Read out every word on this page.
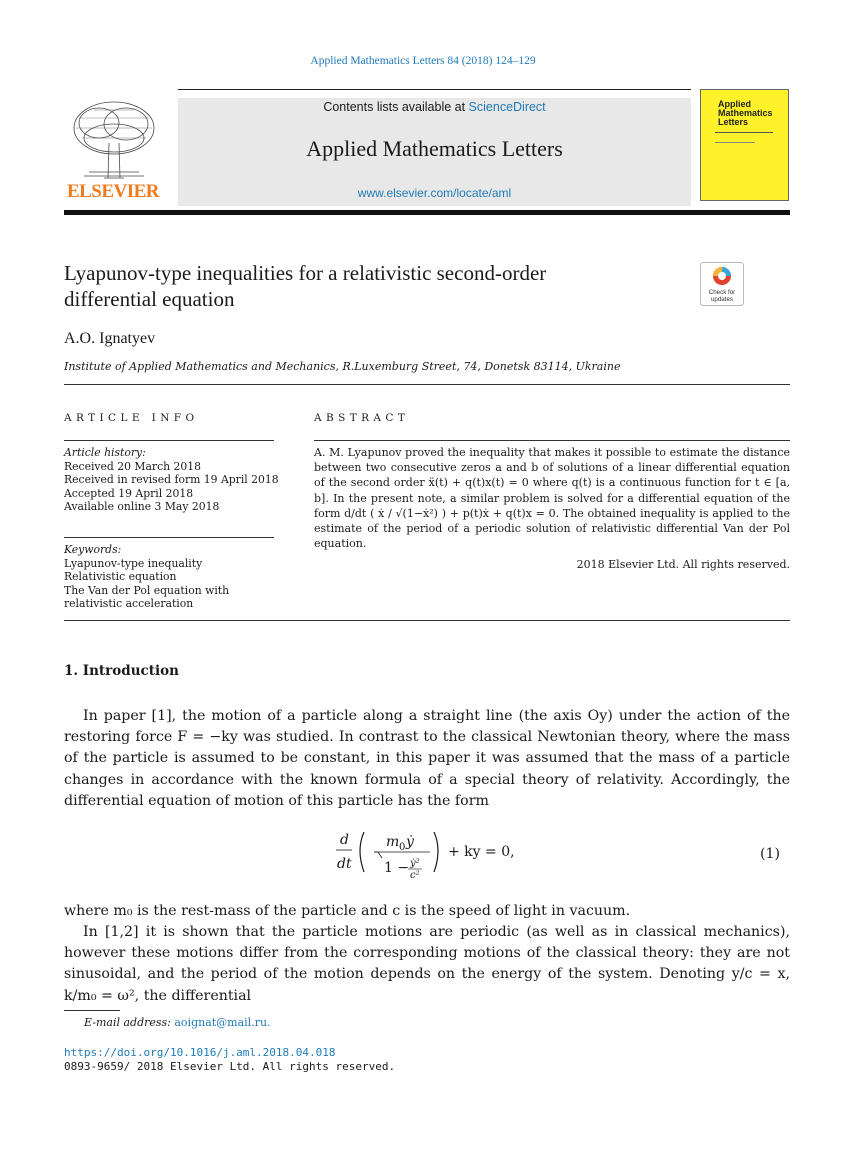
Applied Mathematics Letters 84 (2018) 124–129
ELSEVIER
Contents lists available at ScienceDirect
Applied Mathematics Letters
www.elsevier.com/locate/aml
Applied Mathematics Letters
Lyapunov-type inequalities for a relativistic second-order differential equation	Check for
updates
A.O. Ignatyev
Institute of Applied Mathematics and Mechanics, R.Luxemburg Street, 74, Donetsk 83114, Ukraine
ARTICLE INFO	ABSTRACT
Article history:
Received 20 March 2018
Received in revised form 19 April 2018
Accepted 19 April 2018
Available online 3 May 2018
Keywords:
Lyapunov-type inequality
Relativistic equation
The Van der Pol equation with relativistic acceleration
A. M. Lyapunov proved the inequality that makes it possible to estimate the distance between two consecutive zeros a and b of solutions of a linear differential equation of the second order ẍ(t) + q(t)x(t) = 0 where q(t) is a continuous function for t ∈ [a, b]. In the present note, a similar problem is solved for a differential equation of the form d/dt ( ẋ / √(1−ẋ²) ) + p(t)ẋ + q(t)x = 0. The obtained inequality is applied to the estimate of the period of a periodic solution of relativistic differential Van der Pol equation.
2018 Elsevier Ltd. All rights reserved.
1. Introduction
In paper [1], the motion of a particle along a straight line (the axis Oy) under the action of the restoring force F = −ky was studied. In contrast to the classical Newtonian theory, where the mass of the particle is assumed to be constant, in this paper it was assumed that the mass of a particle changes in accordance with the known formula of a special theory of relativity. Accordingly, the differential equation of motion of this particle has the form
d
dt
m 0 ẏ
1 − ẏ²
c²
+ ky = 0,	(1)
where m₀ is the rest-mass of the particle and c is the speed of light in vacuum.
In [1,2] it is shown that the particle motions are periodic (as well as in classical mechanics), however these motions differ from the corresponding motions of the classical theory: they are not sinusoidal, and the period of the motion depends on the energy of the system. Denoting y/c = x, k/m₀ = ω², the differential
E-mail address: aoignat@mail.ru.
https://doi.org/10.1016/j.aml.2018.04.018
0893-9659/ 2018 Elsevier Ltd. All rights reserved.
